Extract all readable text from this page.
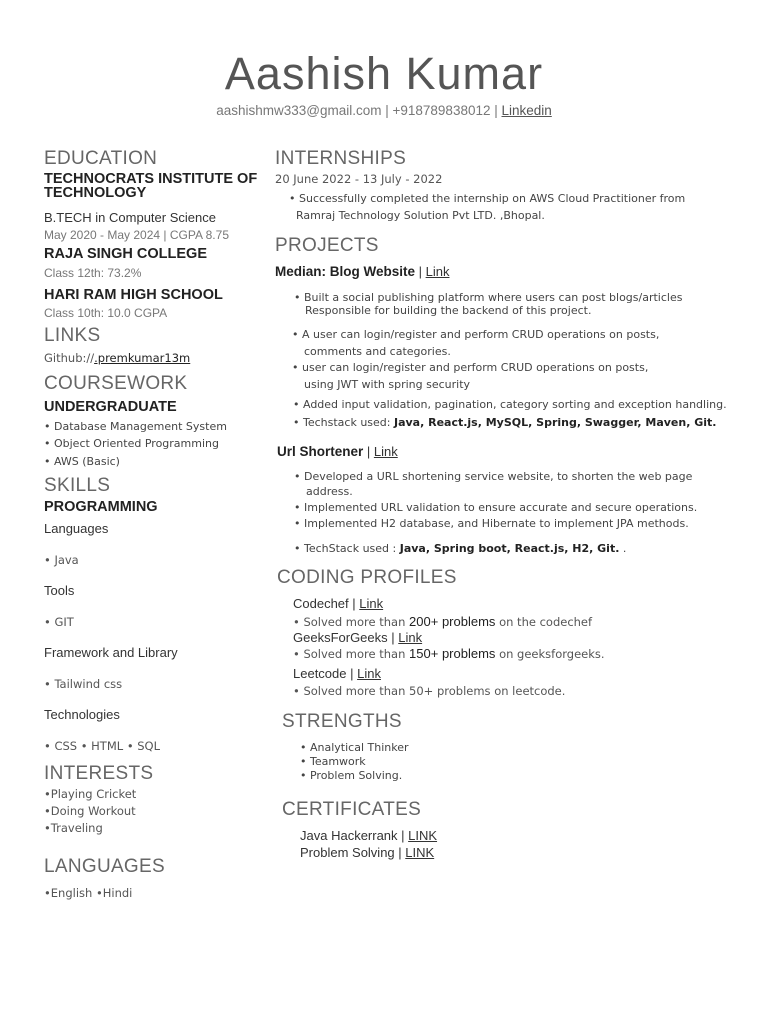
Aashish Kumar
aashishmw333@gmail.com | +918789838012 | Linkedin
EDUCATION
TECHNOCRATS INSTITUTE OF
TECHNOLOGY
B.TECH in Computer Science
May 2020 - May 2024 | CGPA 8.75
RAJA SINGH COLLEGE
Class 12th: 73.2%
HARI RAM HIGH SCHOOL
Class 10th: 10.0 CGPA
LINKS
Github://.premkumar13m
COURSEWORK
UNDERGRADUATE
• Database Management System
• Object Oriented Programming
• AWS (Basic)
SKILLS
PROGRAMMING
Languages
• Java
Tools
• GIT
Framework and Library
• Tailwind css
Technologies
• CSS • HTML • SQL
INTERESTS
•Playing Cricket
•Doing Workout
•Traveling
LANGUAGES
•English •Hindi
INTERNSHIPS
20 June 2022 - 13 July - 2022
• Successfully completed the internship on AWS Cloud Practitioner from
Ramraj Technology Solution Pvt LTD. ,Bhopal.
PROJECTS
Median: Blog Website | Link
• Built a social publishing platform where users can post blogs/articles
Responsible for building the backend of this project.
• A user can login/register and perform CRUD operations on posts,
comments and categories.
• user can login/register and perform CRUD operations on posts,
using JWT with spring security
• Added input validation, pagination, category sorting and exception handling.
• Techstack used: Java, React.js, MySQL, Spring, Swagger, Maven, Git.
Url Shortener | Link
• Developed a URL shortening service website, to shorten the web page
address.
• Implemented URL validation to ensure accurate and secure operations.
• Implemented H2 database, and Hibernate to implement JPA methods.
• TechStack used : Java, Spring boot, React.js, H2, Git. .
CODING PROFILES
Codechef | Link
• Solved more than 200+ problems on the codechef
GeeksForGeeks | Link
• Solved more than 150+ problems on geeksforgeeks.
Leetcode | Link
• Solved more than 50+ problems on leetcode.
STRENGTHS
• Analytical Thinker
• Teamwork
• Problem Solving.
CERTIFICATES
Java Hackerrank | LINK
Problem Solving | LINK
